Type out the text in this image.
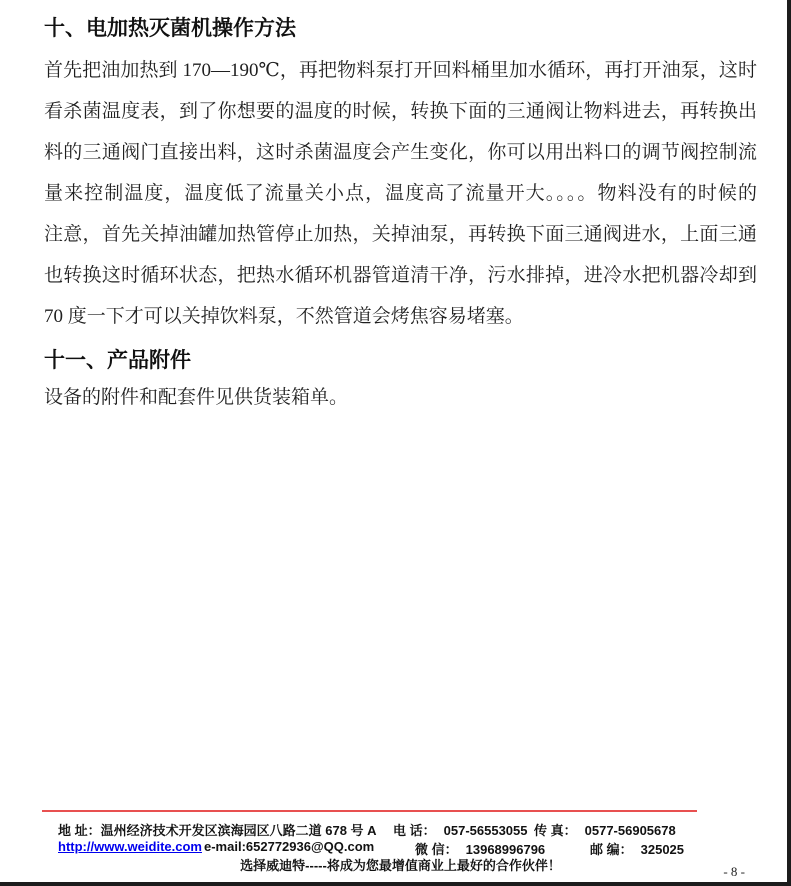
十、电加热灭菌机操作方法
首先把油加热到 170—190℃，再把物料泵打开回料桶里加水循环，再打开油泵，这时
看杀菌温度表，到了你想要的温度的时候，转换下面的三通阀让物料进去，再转换出
料的三通阀门直接出料，这时杀菌温度会产生变化，你可以用出料口的调节阀控制流
量来控制温度，温度低了流量关小点，温度高了流量开大。。。。物料没有的时候的
注意，首先关掉油罐加热管停止加热，关掉油泵，再转换下面三通阀进水，上面三通
也转换这时循环状态，把热水循环机器管道清干净，污水排掉，进冷水把机器冷却到
70 度一下才可以关掉饮料泵，不然管道会烤焦容易堵塞。
十一、产品附件
设备的附件和配套件见供货装箱单。
地 址：温州经济技术开发区滨海园区八路二道 678 号 A 电 话： 057-56553055 传 真： 0577-56905678
http://www.weidite.com e-mail:652772936@QQ.com	微 信： 13968996796	邮 编： 325025
选择威迪特-----将成为您最增值商业上最好的合作伙伴！	- 8 -
